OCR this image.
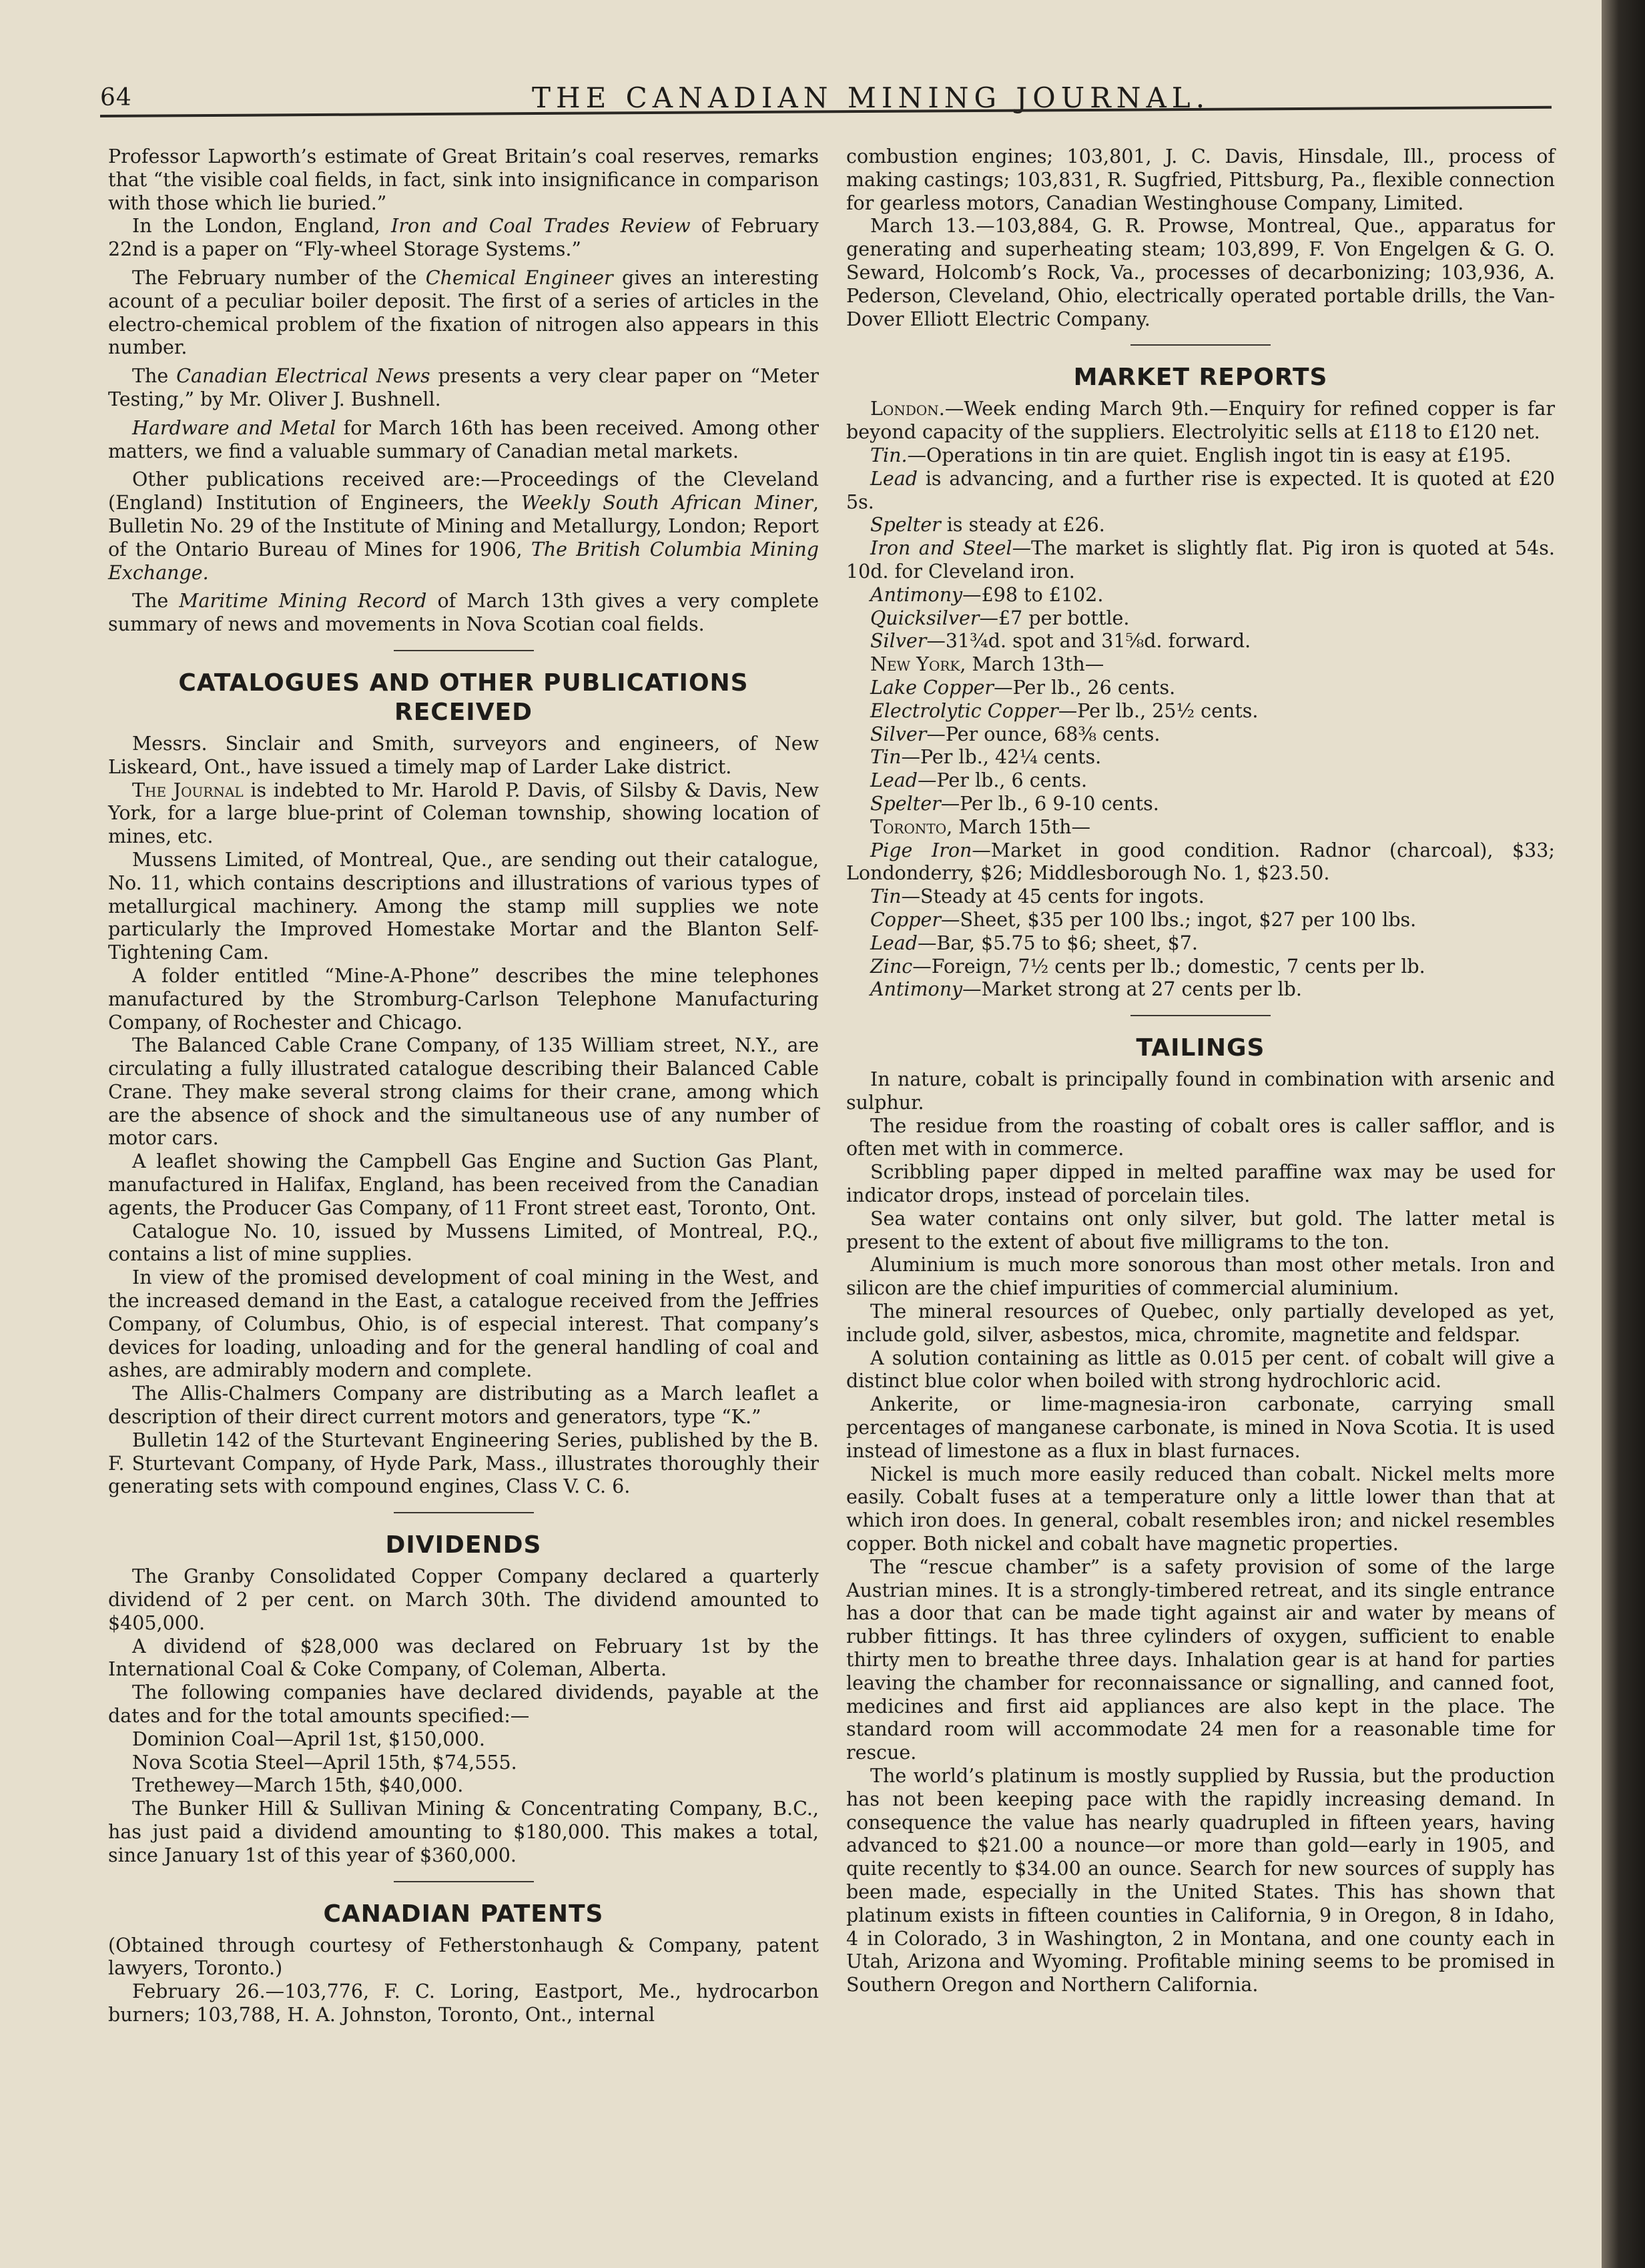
64	THE CANADIAN MINING JOURNAL.

Professor Lapworth’s estimate of Great Britain’s coal reserves, remarks that “the visible coal fields, in fact, sink into insignificance in comparison with those which lie buried.”

In the London, England, Iron and Coal Trades Review of February 22nd is a paper on “Fly-wheel Storage Systems.”

The February number of the Chemical Engineer gives an interesting acount of a peculiar boiler deposit. The first of a series of articles in the electro-chemical problem of the fixation of nitrogen also appears in this number.

The Canadian Electrical News presents a very clear paper on “Meter Testing,” by Mr. Oliver J. Bushnell.

Hardware and Metal for March 16th has been received. Among other matters, we find a valuable summary of Canadian metal markets.

Other publications received are:—Proceedings of the Cleveland (England) Institution of Engineers, the Weekly South African Miner, Bulletin No. 29 of the Institute of Mining and Metallurgy, London; Report of the Ontario Bureau of Mines for 1906, The British Columbia Mining Exchange.

The Maritime Mining Record of March 13th gives a very complete summary of news and movements in Nova Scotian coal fields.

CATALOGUES AND OTHER PUBLICATIONS RECEIVED

Messrs. Sinclair and Smith, surveyors and engineers, of New Liskeard, Ont., have issued a timely map of Larder Lake district.

The Journal is indebted to Mr. Harold P. Davis, of Silsby & Davis, New York, for a large blue-print of Coleman township, showing location of mines, etc.

Mussens Limited, of Montreal, Que., are sending out their catalogue, No. 11, which contains descriptions and illustrations of various types of metallurgical machinery. Among the stamp mill supplies we note particularly the Improved Homestake Mortar and the Blanton Self-Tightening Cam.

A folder entitled “Mine-A-Phone” describes the mine telephones manufactured by the Stromburg-Carlson Telephone Manufacturing Company, of Rochester and Chicago.

The Balanced Cable Crane Company, of 135 William street, N.Y., are circulating a fully illustrated catalogue describing their Balanced Cable Crane. They make several strong claims for their crane, among which are the absence of shock and the simultaneous use of any number of motor cars.

A leaflet showing the Campbell Gas Engine and Suction Gas Plant, manufactured in Halifax, England, has been received from the Canadian agents, the Producer Gas Company, of 11 Front street east, Toronto, Ont.

Catalogue No. 10, issued by Mussens Limited, of Montreal, P.Q., contains a list of mine supplies.

In view of the promised development of coal mining in the West, and the increased demand in the East, a catalogue received from the Jeffries Company, of Columbus, Ohio, is of especial interest. That company’s devices for loading, unloading and for the general handling of coal and ashes, are admirably modern and complete.

The Allis-Chalmers Company are distributing as a March leaflet a description of their direct current motors and generators, type “K.”

Bulletin 142 of the Sturtevant Engineering Series, published by the B. F. Sturtevant Company, of Hyde Park, Mass., illustrates thoroughly their generating sets with compound engines, Class V. C. 6.

DIVIDENDS

The Granby Consolidated Copper Company declared a quarterly dividend of 2 per cent. on March 30th. The dividend amounted to $405,000.

A dividend of $28,000 was declared on February 1st by the International Coal & Coke Company, of Coleman, Alberta.

The following companies have declared dividends, payable at the dates and for the total amounts specified:—

Dominion Coal—April 1st, $150,000.

Nova Scotia Steel—April 15th, $74,555.

Trethewey—March 15th, $40,000.

The Bunker Hill & Sullivan Mining & Concentrating Company, B.C., has just paid a dividend amounting to $180,000. This makes a total, since January 1st of this year of $360,000.

CANADIAN PATENTS

(Obtained through courtesy of Fetherstonhaugh & Company, patent lawyers, Toronto.)

February 26.—103,776, F. C. Loring, Eastport, Me., hydrocarbon burners; 103,788, H. A. Johnston, Toronto, Ont., internal

combustion engines; 103,801, J. C. Davis, Hinsdale, Ill., process of making castings; 103,831, R. Sugfried, Pittsburg, Pa., flexible connection for gearless motors, Canadian Westinghouse Company, Limited.

March 13.—103,884, G. R. Prowse, Montreal, Que., apparatus for generating and superheating steam; 103,899, F. Von Engelgen & G. O. Seward, Holcomb’s Rock, Va., processes of decarbonizing; 103,936, A. Pederson, Cleveland, Ohio, electrically operated portable drills, the Van-Dover Elliott Electric Company.

MARKET REPORTS

London.—Week ending March 9th.—Enquiry for refined copper is far beyond capacity of the suppliers. Electrolyitic sells at £118 to £120 net.

Tin.—Operations in tin are quiet. English ingot tin is easy at £195.

Lead is advancing, and a further rise is expected. It is quoted at £20 5s.

Spelter is steady at £26.

Iron and Steel—The market is slightly flat. Pig iron is quoted at 54s. 10d. for Cleveland iron.

Antimony—£98 to £102.

Quicksilver—£7 per bottle.

Silver—31¾d. spot and 31⅝d. forward.

New York, March 13th—

Lake Copper—Per lb., 26 cents.

Electrolytic Copper—Per lb., 25½ cents.

Silver—Per ounce, 68⅜ cents.

Tin—Per lb., 42¼ cents.

Lead—Per lb., 6 cents.

Spelter—Per lb., 6 9-10 cents.

Toronto, March 15th—

Pige Iron—Market in good condition. Radnor (charcoal), $33; Londonderry, $26; Middlesborough No. 1, $23.50.

Tin—Steady at 45 cents for ingots.

Copper—Sheet, $35 per 100 lbs.; ingot, $27 per 100 lbs.

Lead—Bar, $5.75 to $6; sheet, $7.

Zinc—Foreign, 7½ cents per lb.; domestic, 7 cents per lb.

Antimony—Market strong at 27 cents per lb.

TAILINGS

In nature, cobalt is principally found in combination with arsenic and sulphur.

The residue from the roasting of cobalt ores is caller safflor, and is often met with in commerce.

Scribbling paper dipped in melted paraffine wax may be used for indicator drops, instead of porcelain tiles.

Sea water contains ont only silver, but gold. The latter metal is present to the extent of about five milligrams to the ton.

Aluminium is much more sonorous than most other metals. Iron and silicon are the chief impurities of commercial aluminium.

The mineral resources of Quebec, only partially developed as yet, include gold, silver, asbestos, mica, chromite, magnetite and feldspar.

A solution containing as little as 0.015 per cent. of cobalt will give a distinct blue color when boiled with strong hydrochloric acid.

Ankerite, or lime-magnesia-iron carbonate, carrying small percentages of manganese carbonate, is mined in Nova Scotia. It is used instead of limestone as a flux in blast furnaces.

Nickel is much more easily reduced than cobalt. Nickel melts more easily. Cobalt fuses at a temperature only a little lower than that at which iron does. In general, cobalt resembles iron; and nickel resembles copper. Both nickel and cobalt have magnetic properties.

The “rescue chamber” is a safety provision of some of the large Austrian mines. It is a strongly-timbered retreat, and its single entrance has a door that can be made tight against air and water by means of rubber fittings. It has three cylinders of oxygen, sufficient to enable thirty men to breathe three days. Inhalation gear is at hand for parties leaving the chamber for reconnaissance or signalling, and canned foot, medicines and first aid appliances are also kept in the place. The standard room will accommodate 24 men for a reasonable time for rescue.

The world’s platinum is mostly supplied by Russia, but the production has not been keeping pace with the rapidly increasing demand. In consequence the value has nearly quadrupled in fifteen years, having advanced to $21.00 a nounce—or more than gold—early in 1905, and quite recently to $34.00 an ounce. Search for new sources of supply has been made, especially in the United States. This has shown that platinum exists in fifteen counties in California, 9 in Oregon, 8 in Idaho, 4 in Colorado, 3 in Washington, 2 in Montana, and one county each in Utah, Arizona and Wyoming. Profitable mining seems to be promised in Southern Oregon and Northern California.
